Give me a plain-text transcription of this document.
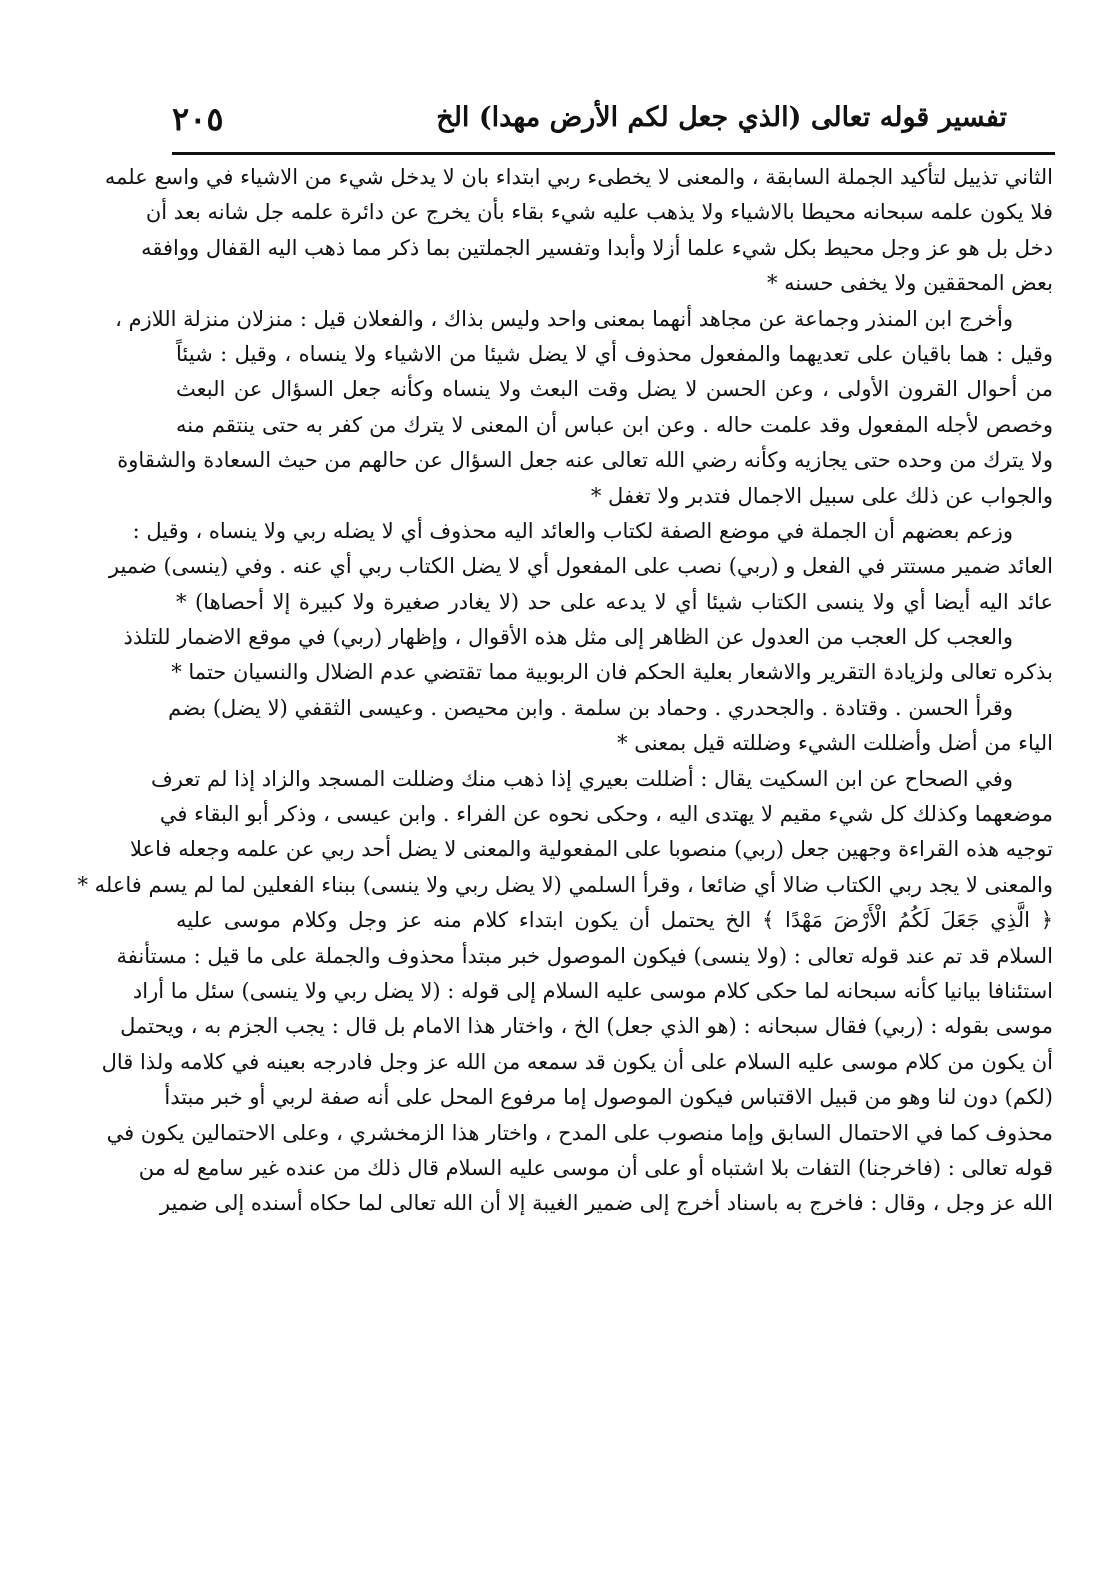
تفسير قوله تعالى (الذي جعل لكم الأرض مهدا) الخ
٢٠٥
الثاني تذييل لتأكيد الجملة السابقة ، والمعنى لا يخطىء ربي ابتداء بان لا يدخل شيء من الاشياء في واسع علمه
فلا يكون علمه سبحانه محيطا بالاشياء ولا يذهب عليه شيء بقاء بأن يخرج عن دائرة علمه جل شانه بعد أن
دخل بل هو عز وجل محيط بكل شيء علما أزلا وأبدا وتفسير الجملتين بما ذكر مما ذهب اليه القفال ووافقه
بعض المحققين ولا يخفى حسنه *
وأخرج ابن المنذر وجماعة عن مجاهد أنهما بمعنى واحد وليس بذاك ، والفعلان قيل : منزلان منزلة اللازم ،
وقيل : هما باقيان على تعديهما والمفعول محذوف أي لا يضل شيئا من الاشياء ولا ينساه ، وقيل : شيئاً
من أحوال القرون الأولى ، وعن الحسن لا يضل وقت البعث ولا ينساه وكأنه جعل السؤال عن البعث
وخصص لأجله المفعول وقد علمت حاله . وعن ابن عباس أن المعنى لا يترك من كفر به حتى ينتقم منه
ولا يترك من وحده حتى يجازيه وكأنه رضي الله تعالى عنه جعل السؤال عن حالهم من حيث السعادة والشقاوة
والجواب عن ذلك على سبيل الاجمال فتدبر ولا تغفل *
وزعم بعضهم أن الجملة في موضع الصفة لكتاب والعائد اليه محذوف أي لا يضله ربي ولا ينساه ، وقيل :
العائد ضمير مستتر في الفعل و (ربي) نصب على المفعول أي لا يضل الكتاب ربي أي عنه . وفي (ينسى) ضمير
عائد اليه أيضا أي ولا ينسى الكتاب شيئا أي لا يدعه على حد (لا يغادر صغيرة ولا كبيرة إلا أحصاها) *
والعجب كل العجب من العدول عن الظاهر إلى مثل هذه الأقوال ، وإظهار (ربي) في موقع الاضمار للتلذذ
بذكره تعالى ولزيادة التقرير والاشعار بعلية الحكم فان الربوبية مما تقتضي عدم الضلال والنسيان حتما *
وقرأ الحسن . وقتادة . والجحدري . وحماد بن سلمة . وابن محيصن . وعيسى الثقفي (لا يضل) بضم
الياء من أضل وأضللت الشيء وضللته قيل بمعنى *
وفي الصحاح عن ابن السكيت يقال : أضللت بعيري إذا ذهب منك وضللت المسجد والزاد إذا لم تعرف
موضعهما وكذلك كل شيء مقيم لا يهتدى اليه ، وحكى نحوه عن الفراء . وابن عيسى ، وذكر أبو البقاء في
توجيه هذه القراءة وجهين جعل (ربي) منصوبا على المفعولية والمعنى لا يضل أحد ربي عن علمه وجعله فاعلا
والمعنى لا يجد ربي الكتاب ضالا أي ضائعا ، وقرأ السلمي (لا يضل ربي ولا ينسى) ببناء الفعلين لما لم يسم فاعله *
﴿ الَّذِي جَعَلَ لَكُمُ الْأَرْضَ مَهْدًا ﴾ الخ يحتمل أن يكون ابتداء كلام منه عز وجل وكلام موسى عليه
السلام قد تم عند قوله تعالى : (ولا ينسى) فيكون الموصول خبر مبتدأ محذوف والجملة على ما قيل : مستأنفة
استئنافا بيانيا كأنه سبحانه لما حكى كلام موسى عليه السلام إلى قوله : (لا يضل ربي ولا ينسى) سئل ما أراد
موسى بقوله : (ربي) فقال سبحانه : (هو الذي جعل) الخ ، واختار هذا الامام بل قال : يجب الجزم به ، ويحتمل
أن يكون من كلام موسى عليه السلام على أن يكون قد سمعه من الله عز وجل فادرجه بعينه في كلامه ولذا قال
(لكم) دون لنا وهو من قبيل الاقتباس فيكون الموصول إما مرفوع المحل على أنه صفة لربي أو خبر مبتدأ
محذوف كما في الاحتمال السابق وإما منصوب على المدح ، واختار هذا الزمخشري ، وعلى الاحتمالين يكون في
قوله تعالى : (فاخرجنا) التفات بلا اشتباه أو على أن موسى عليه السلام قال ذلك من عنده غير سامع له من
الله عز وجل ، وقال : فاخرج به باسناد أخرج إلى ضمير الغيبة إلا أن الله تعالى لما حكاه أسنده إلى ضمير
